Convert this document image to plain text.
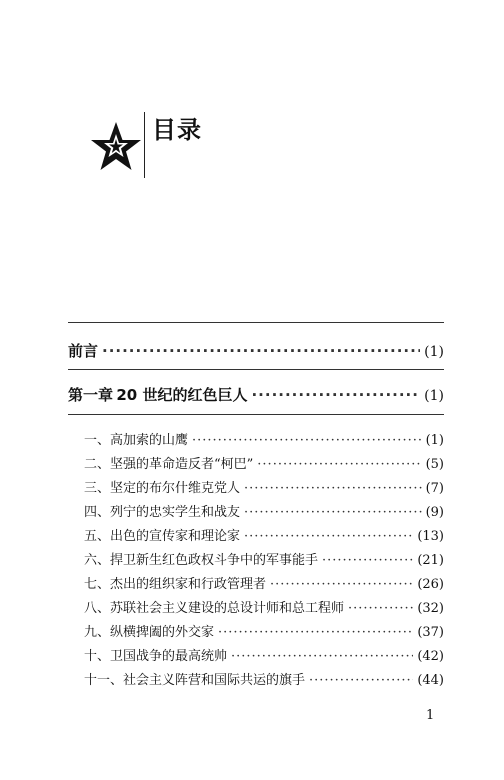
目录
前言 ·····	(1)
第一章 20 世纪的红色巨人 ·····	(1)
一、高加索的山鹰 ·····	(1)
二、坚强的革命造反者“柯巴” ·····	(5)
三、坚定的布尔什维克党人 ·····	(7)
四、列宁的忠实学生和战友 ·····	(9)
五、出色的宣传家和理论家 ·····	(13)
六、捍卫新生红色政权斗争中的军事能手 ·····	(21)
七、杰出的组织家和行政管理者 ·····	(26)
八、苏联社会主义建设的总设计师和总工程师 ·····	(32)
九、纵横捭阖的外交家 ·····	(37)
十、卫国战争的最高统帅 ·····	(42)
十一、社会主义阵营和国际共运的旗手 ·····	(44)
1
